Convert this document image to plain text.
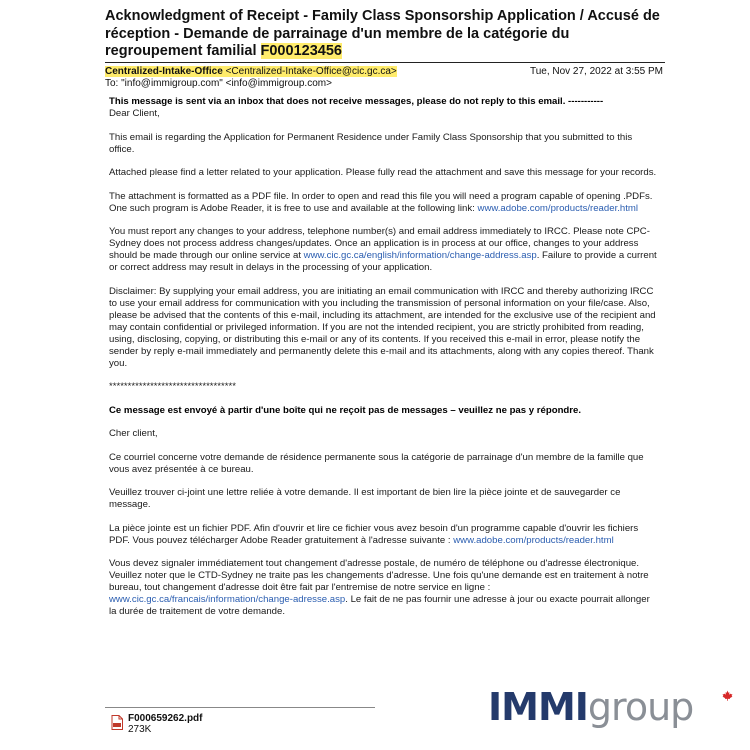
Acknowledgment of Receipt - Family Class Sponsorship Application / Accusé de réception - Demande de parrainage d'un membre de la catégorie du regroupement familial F000123456
Centralized-Intake-Office <Centralized-Intake-Office@cic.gc.ca>	Tue, Nov 27, 2022 at 3:55 PM
To: "info@immigroup.com" <info@immigroup.com>

This message is sent via an inbox that does not receive messages, please do not reply to this email. -----------

Dear Client,

This email is regarding the Application for Permanent Residence under Family Class Sponsorship that you submitted to this office.

Attached please find a letter related to your application. Please fully read the attachment and save this message for your records.

The attachment is formatted as a PDF file. In order to open and read this file you will need a program capable of opening .PDFs. One such program is Adobe Reader, it is free to use and available at the following link: www.adobe.com/products/reader.html

You must report any changes to your address, telephone number(s) and email address immediately to IRCC. Please note CPC-Sydney does not process address changes/updates. Once an application is in process at our office, changes to your address should be made through our online service at www.cic.gc.ca/english/information/change-address.asp. Failure to provide a current or correct address may result in delays in the processing of your application.

Disclaimer: By supplying your email address, you are initiating an email communication with IRCC and thereby authorizing IRCC to use your email address for communication with you including the transmission of personal information on your file/case. Also, please be advised that the contents of this e-mail, including its attachment, are intended for the exclusive use of the recipient and may contain confidential or privileged information. If you are not the intended recipient, you are strictly prohibited from reading, using, disclosing, copying, or distributing this e-mail or any of its contents. If you received this e-mail in error, please notify the sender by reply e-mail immediately and permanently delete this e-mail and its attachments, along with any copies thereof. Thank you.

**********************************

Ce message est envoyé à partir d'une boîte qui ne reçoit pas de messages – veuillez ne pas y répondre.

Cher client,

Ce courriel concerne votre demande de résidence permanente sous la catégorie de parrainage d'un membre de la famille que vous avez présentée à ce bureau.

Veuillez trouver ci-joint une lettre reliée à votre demande. Il est important de bien lire la pièce jointe et de sauvegarder ce message.

La pièce jointe est un fichier PDF. Afin d'ouvrir et lire ce fichier vous avez besoin d'un programme capable d'ouvrir les fichiers PDF. Vous pouvez télécharger Adobe Reader gratuitement à l'adresse suivante : www.adobe.com/products/reader.html

Vous devez signaler immédiatement tout changement d'adresse postale, de numéro de téléphone ou d'adresse électronique. Veuillez noter que le CTD-Sydney ne traite pas les changements d'adresse. Une fois qu'une demande est en traitement à notre bureau, tout changement d'adresse doit être fait par l'entremise de notre service en ligne : www.cic.gc.ca/francais/information/change-adresse.asp. Le fait de ne pas fournir une adresse à jour ou exacte pourrait allonger la durée de traitement de votre demande.

F000659262.pdf
273K
IMMI group
